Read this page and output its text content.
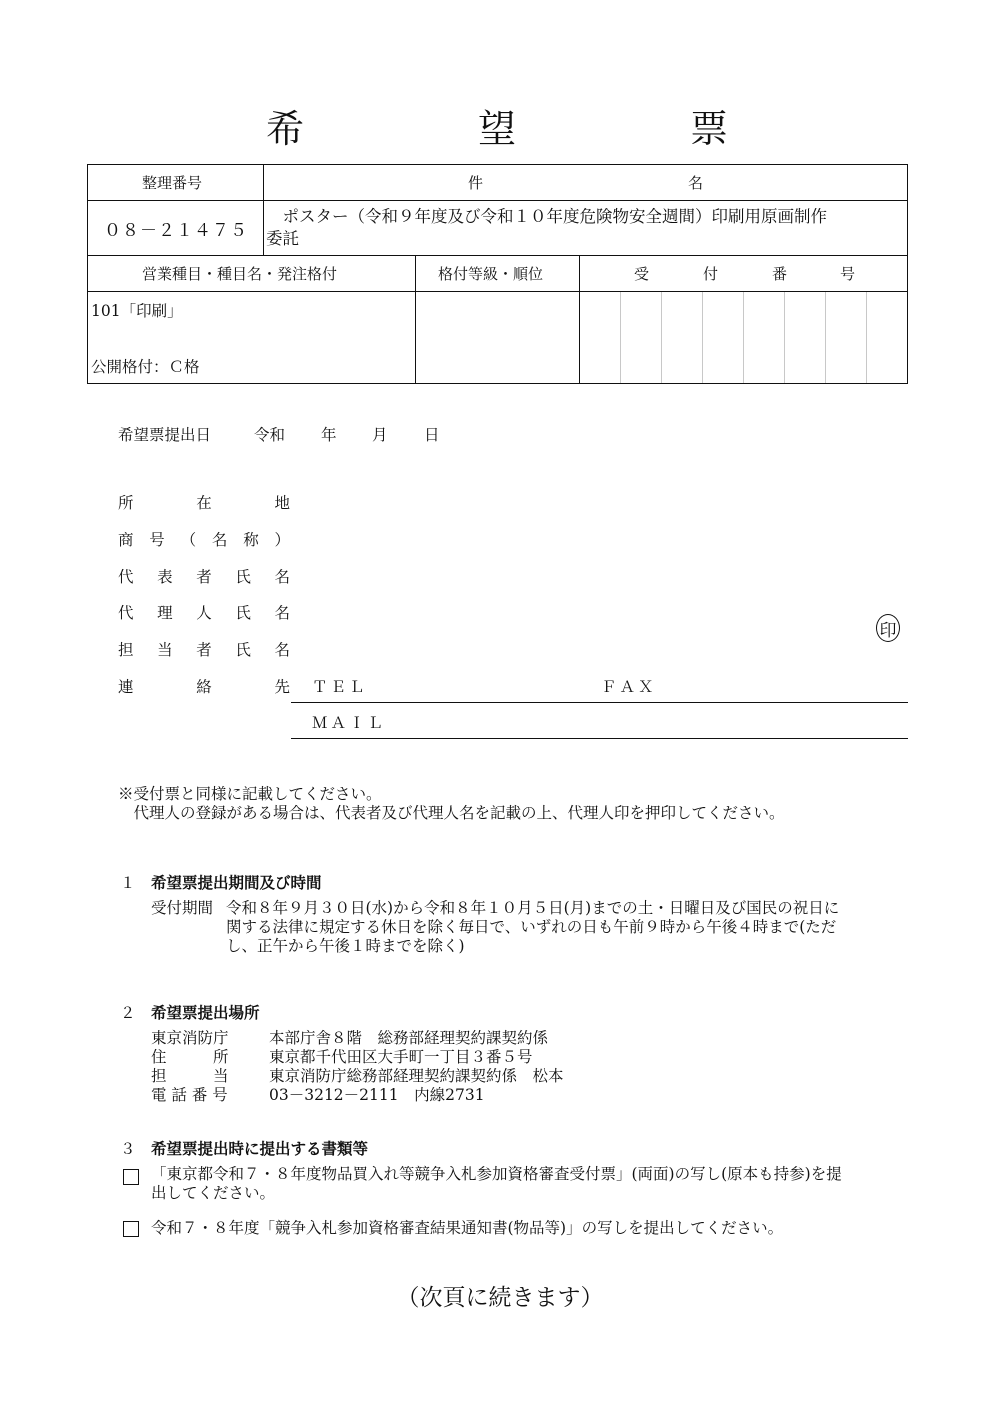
希	望	票
整理番号	件	名
０８－２１４７５
　ポスター（令和９年度及び令和１０年度危険物安全週間）印刷用原画制作
委託
営業種目・種目名・発注格付	格付等級・順位	受	付	番	号
101「印刷」
公開格付：Ｃ格
希望票提出日	令和 年 月 日
所	在	地
商 号 （ 名 称 ）
代 表 者 氏 名
代 理 人 氏 名
担 当 者 氏 名
連	絡	先 ＴＥＬ	ＦＡＸ
ＭＡＩＬ
印
※受付票と同様に記載してください。
　代理人の登録がある場合は、代表者及び代理人名を記載の上、代理人印を押印してください。
１ 希望票提出期間及び時間
受付期間 令和８年９月３０日(水)から令和８年１０月５日(月)までの土・日曜日及び国民の祝日に
関する法律に規定する休日を除く毎日で、いずれの日も午前９時から午後４時まで(ただ
し、正午から午後１時までを除く)
２ 希望票提出場所
東京消防庁	本部庁舎８階　総務部経理契約課契約係
住　　　所	東京都千代田区大手町一丁目３番５号
担　　　当	東京消防庁総務部経理契約課契約係　松本
電 話 番 号	03－3212－2111　内線2731
３ 希望票提出時に提出する書類等
「東京都令和７・８年度物品買入れ等競争入札参加資格審査受付票」(両面)の写し(原本も持参)を提
出してください。
令和７・８年度「競争入札参加資格審査結果通知書(物品等)」の写しを提出してください。
（次頁に続きます）
